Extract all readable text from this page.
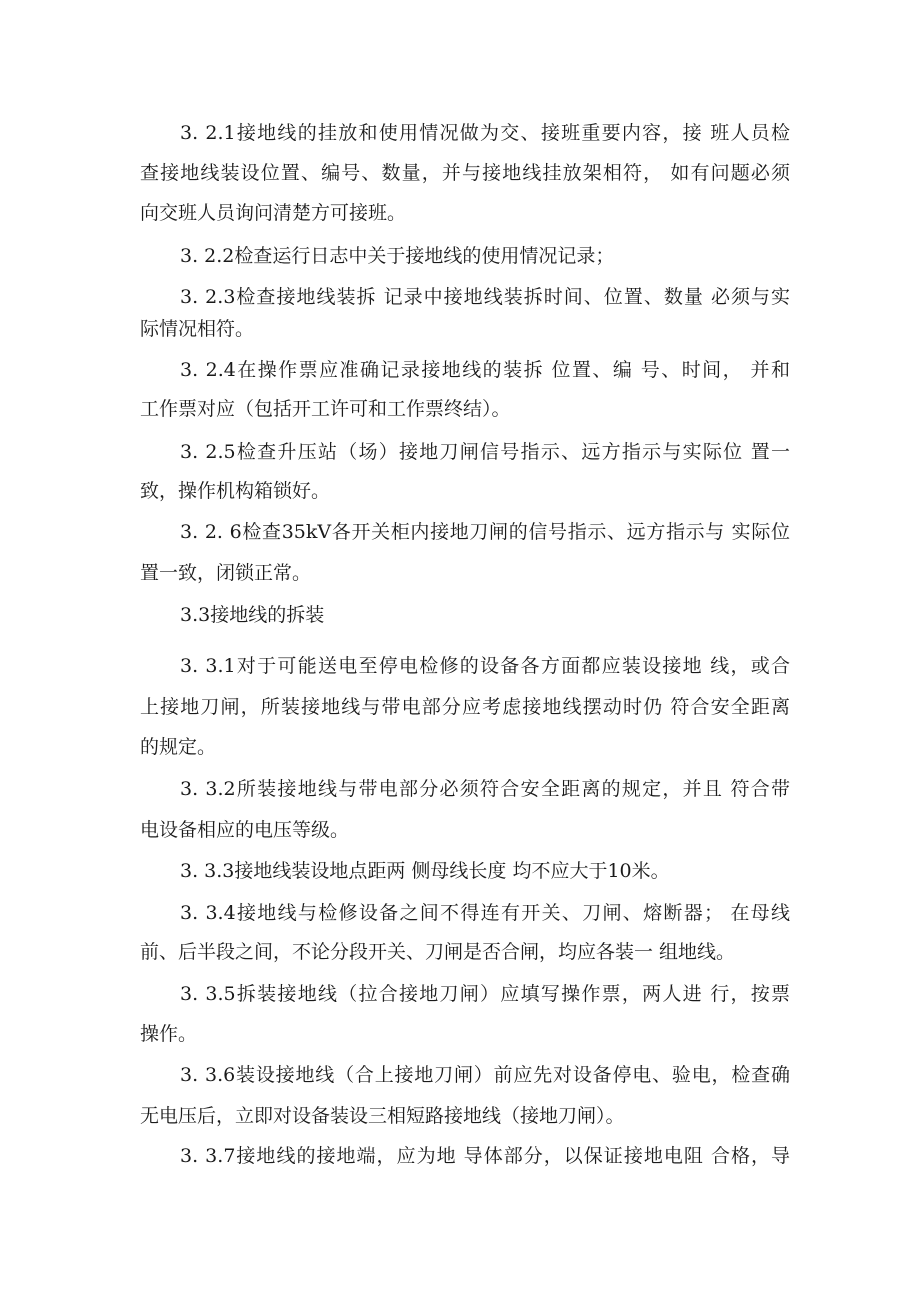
3. 2.1接地线的挂放和使用情况做为交、接班重要内容，接 班人员检

查接地线装设位置、编号、数量，并与接地线挂放架相符， 如有问题必须

向交班人员询问清楚方可接班。

3. 2.2检查运行日志中关于接地线的使用情况记录；

3. 2.3检查接地线装拆 记录中接地线装拆时间、位置、数量 必须与实

际情况相符。

3. 2.4在操作票应准确记录接地线的装拆 位置、编 号、时间， 并和

工作票对应（包括开工许可和工作票终结）。

3. 2.5检查升压站（场）接地刀闸信号指示、远方指示与实际位 置一

致，操作机构箱锁好。

3. 2. 6检查35kV各开关柜内接地刀闸的信号指示、远方指示与 实际位

置一致，闭锁正常。

3.3接地线的拆装

3. 3.1对于可能送电至停电检修的设备各方面都应装设接地 线，或合

上接地刀闸，所装接地线与带电部分应考虑接地线摆动时仍 符合安全距离

的规定。

3. 3.2所装接地线与带电部分必须符合安全距离的规定，并且 符合带

电设备相应的电压等级。

3. 3.3接地线装设地点距两 侧母线长度 均不应大于10米。

3. 3.4接地线与检修设备之间不得连有开关、刀闸、熔断器； 在母线

前、后半段之间，不论分段开关、刀闸是否合闸，均应各装一 组地线。

3. 3.5拆装接地线（拉合接地刀闸）应填写操作票，两人进 行，按票

操作。

3. 3.6装设接地线（合上接地刀闸）前应先对设备停电、验电，检查确

无电压后，立即对设备装设三相短路接地线（接地刀闸）。

3. 3.7接地线的接地端，应为地 导体部分，以保证接地电阻 合格，导
